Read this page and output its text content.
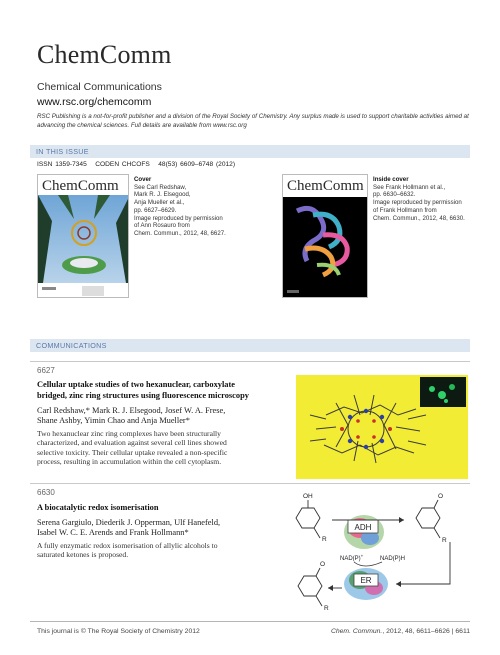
ChemComm
Chemical Communications
www.rsc.org/chemcomm
RSC Publishing is a not-for-profit publisher and a division of the Royal Society of Chemistry. Any surplus made is used to support charitable activities aimed at advancing the chemical sciences. Full details are available from www.rsc.org
IN THIS ISSUE
ISSN 1359-7345 CODEN CHCOFS 48(53) 6609–6748 (2012)
ChemComm	Cover
See Carl Redshaw,
Mark R. J. Elsegood,
Anja Mueller et al.,
pp. 6627–6629.
Image reproduced by permission
of Ann Rosauro from
Chem. Commun., 2012, 48, 6627.
ChemComm Inside cover
See Frank Hollmann et al.,
pp. 6630–6632.
Image reproduced by permission
of Frank Hollmann from
Chem. Commun., 2012, 48, 6630.
COMMUNICATIONS
6627
Cellular uptake studies of two hexanuclear, carboxylate
bridged, zinc ring structures using fluorescence microscopy
Carl Redshaw,* Mark R. J. Elsegood, Josef W. A. Frese,
Shane Ashby, Yimin Chao and Anja Mueller*
Two hexanuclear zinc ring complexes have been structurally
characterized, and evaluation against several cell lines showed
selective toxicity. Their cellular uptake revealed a non-specific
process, resulting in accumulation within the cell cytoplasm.
6630
A biocatalytic redox isomerisation
Serena Gargiulo, Diederik J. Opperman, Ulf Hanefeld,
Isabel W. C. E. Arends and Frank Hollmann*
A fully enzymatic redox isomerisation of allylic alcohols to
saturated ketones is proposed.
OH
R
ADH
O
R
NAD(P)+	NAD(P)H
ER
O
R
This journal is © The Royal Society of Chemistry 2012	Chem. Commun., 2012, 48, 6611–6626 | 6611
